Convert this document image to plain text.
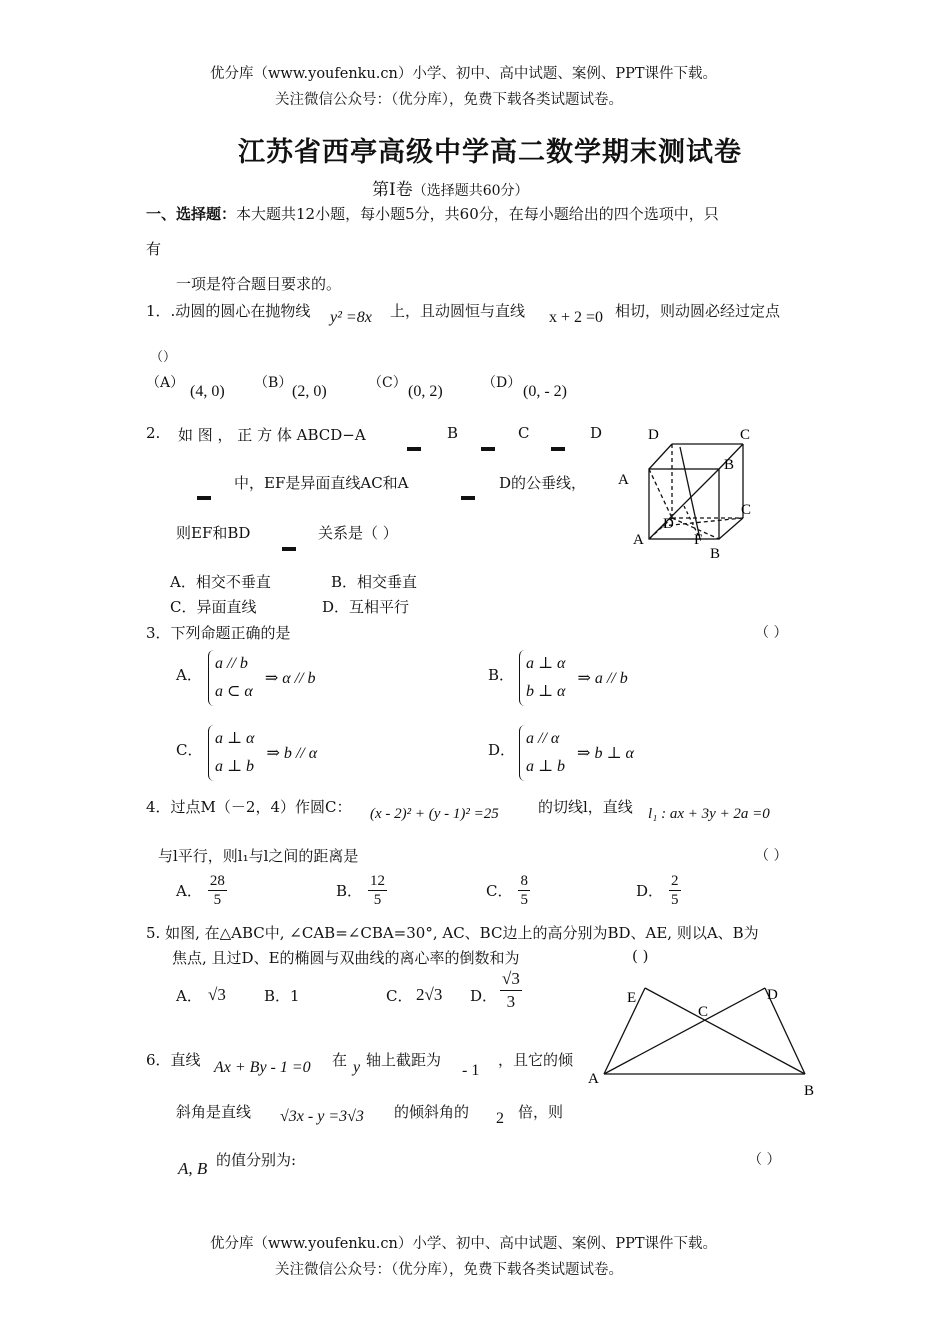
优分库（www.youfenku.cn）小学、初中、高中试题、案例、PPT课件下载。
关注微信公众号：（优分库），免费下载各类试题试卷。
江苏省西亭高级中学高二数学期末测试卷
第Ⅰ卷（选择题共60分）
一、选择题：本大题共12小题，每小题5分，共60分，在每小题给出的四个选项中，只
有
一项是符合题目要求的。
1．.动圆的圆心在抛物线 y² =8x 上，且动圆恒与直线 x + 2 =0 相切，则动圆必经过定点
（）
（A） (4, 0) （B） (2, 0)	（C） (0, 2)	（D） (0, - 2)
2. 如 图 ， 正 方 体 ABCD−A	B	C	D
中，EF是异面直线AC和A	D的公垂线，
则EF和BD	关系是（ ）
A．相交不垂直	B．相交垂直
C．异面直线	D．互相平行
D	C
B
A
C
D
A	F
B
3．下列命题正确的是	（ ）
A．
a // b
a ⊂ α
⇒ α // b	B．
a ⊥ α
b ⊥ α
⇒ a // b
C．
a ⊥ α
a ⊥ b
⇒ b // α	D．
a // α
a ⊥ b
⇒ b ⊥ α
4．过点M（－2，4）作圆C： (x - 2)² + (y - 1)² =25	的切线l，直线 l₁ : ax + 3y + 2a =0
与l平行，则l₁与l之间的距离是	（ ）
A． $\frac{28}{5}$	B． $\frac{12}{5}$	C． $\frac{8}{5}$	D． $\frac{2}{5}$
5. 如图, 在△ABC中, ∠CAB=∠CBA=30°, AC、BC边上的高分别为BD、AE, 则以A、B为
焦点, 且过D、E的椭圆与双曲线的离心率的倒数和为	( )
A． √3	B．1	C． 2√3 D． $\frac{√3}{3}$	E	D
C
A
B
6．直线 Ax + By - 1 =0 在 y 轴上截距为
- 1
，且它的倾
斜角是直线 √3x - y =3√3 的倾斜角的 2 倍，则
A, B 的值分别为:	（ ）
优分库（www.youfenku.cn）小学、初中、高中试题、案例、PPT课件下载。
关注微信公众号：（优分库），免费下载各类试题试卷。
